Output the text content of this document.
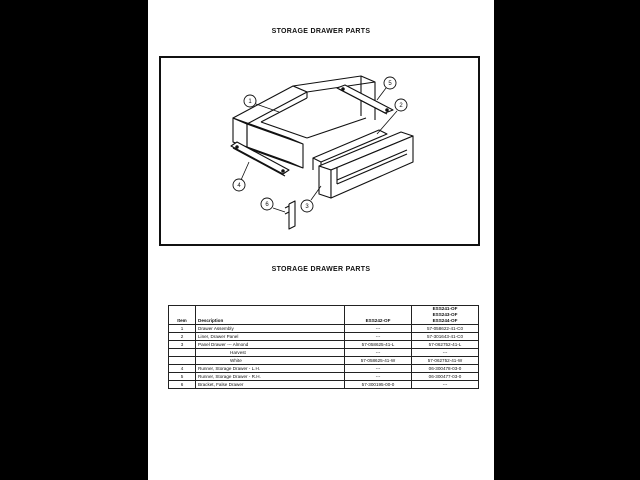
STORAGE DRAWER PARTS
1
2
3
4
5
6
STORAGE DRAWER PARTS
Item	Description	ESS242-OF	ESS241-OF
ESS243-OF
ESS244-OF

1	Drawer Assembly	---	57-058622-41-C0
2	Liner, Drawer Panel	---	57-301643-41-C0
3	Panel Drawer --- Almond	57-058625-41-L	57-062752-41-L
	Harvest	---	---
	White	57-058625-41-W	57-062752-41-W
4	Runner, Storage Drawer - L.H.	---	06-300478-03-0
5	Runner, Storage Drawer - R.H.	---	06-300477-03-0
6	Bracket, False Drawer	57-300195-00-0	---
